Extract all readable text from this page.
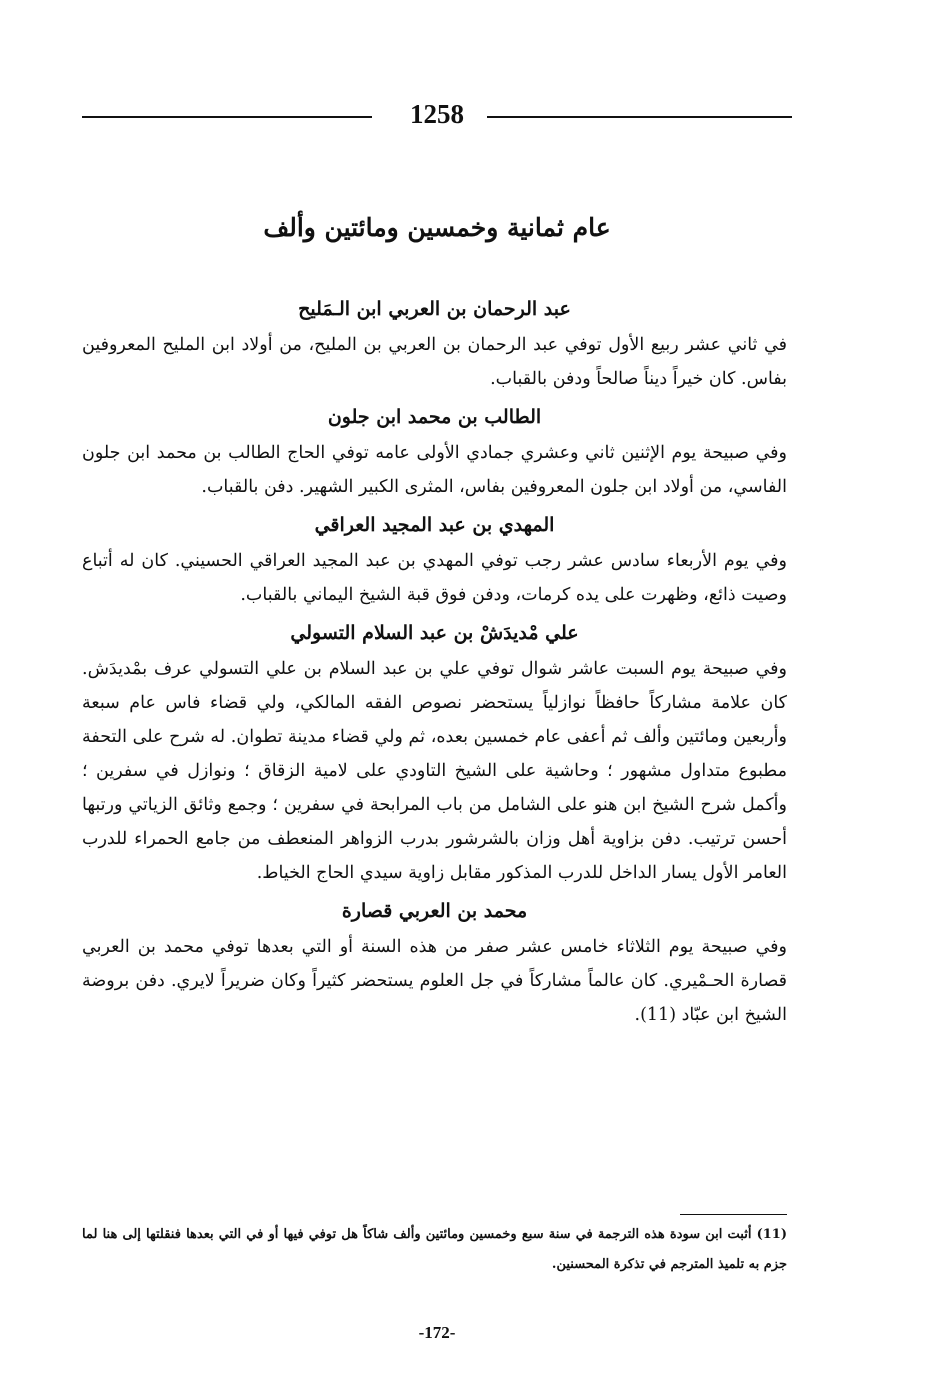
1258
عام ثمانية وخمسين ومائتين وألف

عبد الرحمان بن العربي ابن الـمَليح

في ثاني عشر ربيع الأول توفي عبد الرحمان بن العربي بن المليح، من أولاد ابن المليح المعروفين بفاس. كان خيراً ديناً صالحاً ودفن بالقباب.

الطالب بن محمد ابن جلون

وفي صبيحة يوم الإثنين ثاني وعشري جمادي الأولى عامه توفي الحاج الطالب بن محمد ابن جلون الفاسي، من أولاد ابن جلون المعروفين بفاس، المثرى الكبير الشهير. دفن بالقباب.

المهدي بن عبد المجيد العراقي

وفي يوم الأربعاء سادس عشر رجب توفي المهدي بن عبد المجيد العراقي الحسيني. كان له أتباع وصيت ذائع، وظهرت على يده كرمات، ودفن فوق قبة الشيخ اليماني بالقباب.

علي مْديدَشْ بن عبد السلام التسولي

وفي صبيحة يوم السبت عاشر شوال توفي علي بن عبد السلام بن علي التسولي عرف بمْديدَش. كان علامة مشاركاً حافظاً نوازلياً يستحضر نصوص الفقه المالكي، ولي قضاء فاس عام سبعة وأربعين ومائتين وألف ثم أعفى عام خمسين بعده، ثم ولي قضاء مدينة تطوان. له شرح على التحفة مطبوع متداول مشهور ؛ وحاشية على الشيخ التاودي على لامية الزقاق ؛ ونوازل في سفرين ؛ وأكمل شرح الشيخ ابن هنو على الشامل من باب المرابحة في سفرين ؛ وجمع وثائق الزياتي ورتبها أحسن ترتيب. دفن بزاوية أهل وزان بالشرشور بدرب الزواهر المنعطف من جامع الحمراء للدرب العامر الأول يسار الداخل للدرب المذكور مقابل زاوية سيدي الحاج الخياط.

محمد بن العربي قصارة

وفي صبيحة يوم الثلاثاء خامس عشر صفر من هذه السنة أو التي بعدها توفي محمد بن العربي قصارة الحـمْيري. كان عالماً مشاركاً في جل العلوم يستحضر كثيراً وكان ضريراً لايري. دفن بروضة الشيخ ابن عبّاد (11).

(11) أثبت ابن سودة هذه الترجمة في سنة سبع وخمسين ومائتين وألف شاكاً هل توفي فيها أو في التي بعدها فنقلتها إلى هنا لما جزم به تلميذ المترجم في تذكرة المحسنين.
-172-
